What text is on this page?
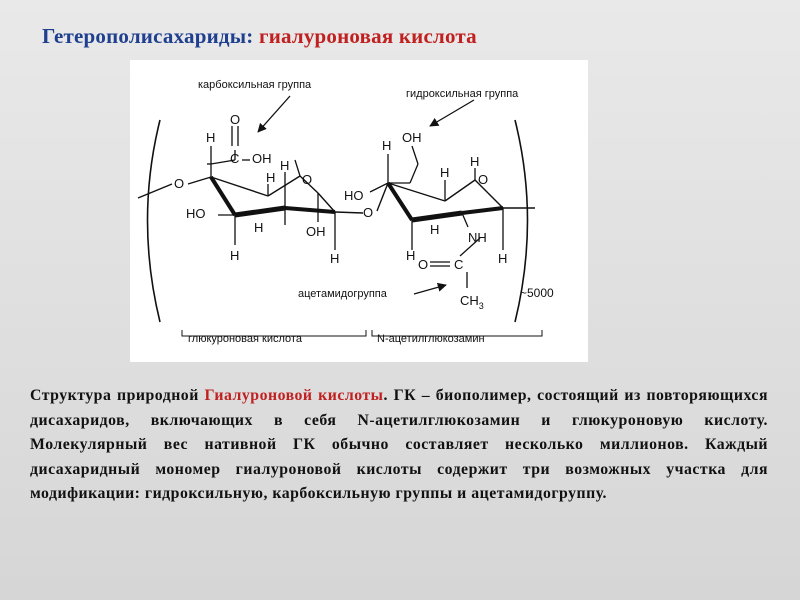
Гетерополисахариды: гиалуроновая кислота
H
O
C OH
O	H
H
O
HO
H
H	OH
H
O
H
OH
HO
H
H
O
H
H
NH
H
O C
$CH_3$
карбоксильная группа
гидроксильная группа
ацетамидогруппа	~5000
глюкуроновая кислота	N-ацетилглюкозамин
Структура природной Гиалуроновой кислоты. ГК – биополимер, состоящий из повторяющихся дисахаридов, включающих в себя N-ацетилглюкозамин и глюкуроновую кислоту. Молекулярный вес нативной ГК обычно составляет несколько миллионов. Каждый дисахаридный мономер гиалуроновой кислоты содержит три возможных участка для модификации: гидроксильную, карбоксильную группы и ацетамидогруппу.
